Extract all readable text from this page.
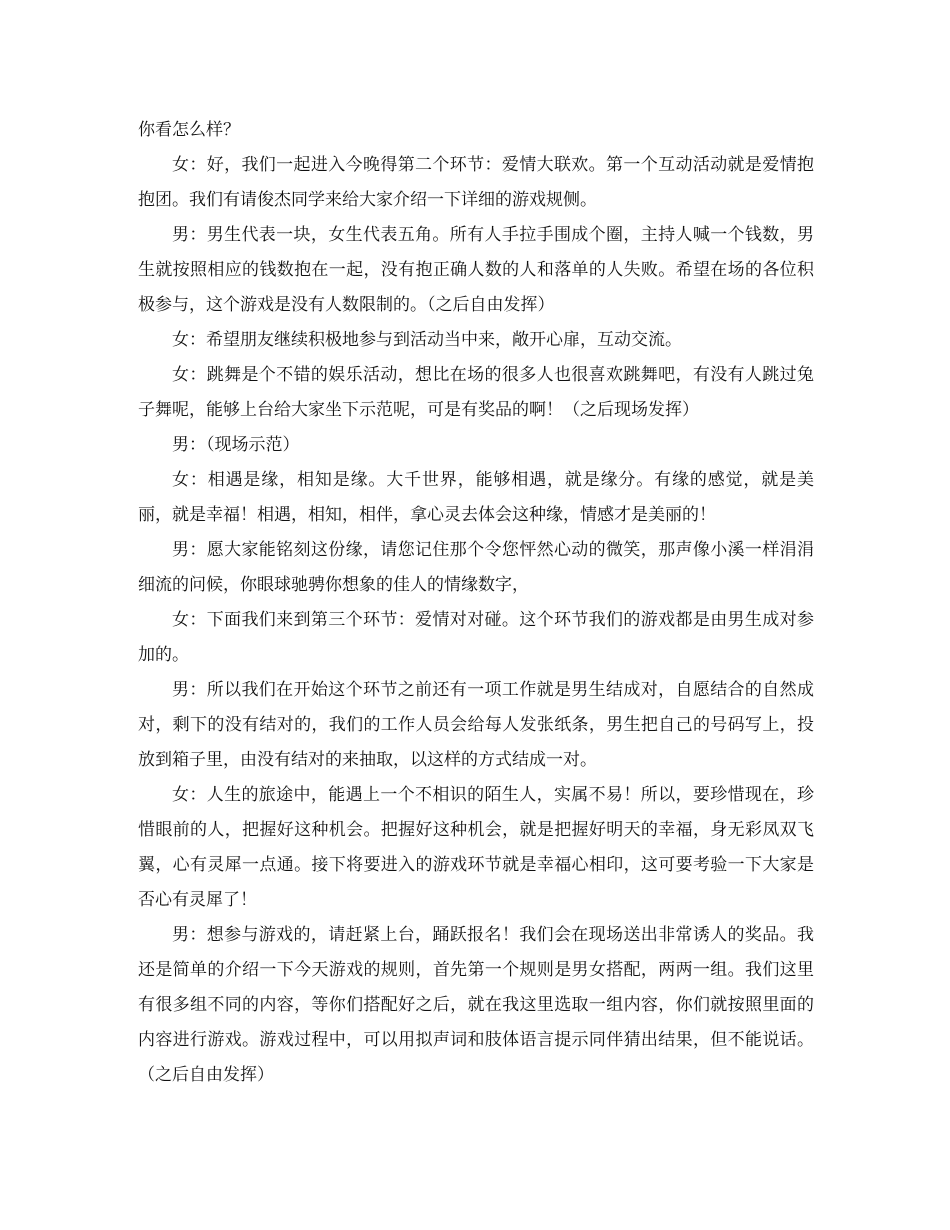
你看怎么样？

女：好，我们一起进入今晚得第二个环节：爱情大联欢。第一个互动活动就是爱情抱抱团。我们有请俊杰同学来给大家介绍一下详细的游戏规侧。

男：男生代表一块，女生代表五角。所有人手拉手围成个圈，主持人喊一个钱数，男生就按照相应的钱数抱在一起，没有抱正确人数的人和落单的人失败。希望在场的各位积极参与，这个游戏是没有人数限制的。（之后自由发挥）

女：希望朋友继续积极地参与到活动当中来，敞开心扉，互动交流。

女：跳舞是个不错的娱乐活动，想比在场的很多人也很喜欢跳舞吧，有没有人跳过兔子舞呢，能够上台给大家坐下示范呢，可是有奖品的啊！（之后现场发挥）

男：（现场示范）

女：相遇是缘，相知是缘。大千世界，能够相遇，就是缘分。有缘的感觉，就是美丽，就是幸福！相遇，相知，相伴，拿心灵去体会这种缘，情感才是美丽的！

男：愿大家能铭刻这份缘，请您记住那个令您怦然心动的微笑，那声像小溪一样涓涓细流的问候，你眼球驰骋你想象的佳人的情缘数字，

女：下面我们来到第三个环节：爱情对对碰。这个环节我们的游戏都是由男生成对参加的。

男：所以我们在开始这个环节之前还有一项工作就是男生结成对，自愿结合的自然成对，剩下的没有结对的，我们的工作人员会给每人发张纸条，男生把自己的号码写上，投放到箱子里，由没有结对的来抽取，以这样的方式结成一对。

女：人生的旅途中，能遇上一个不相识的陌生人，实属不易！所以，要珍惜现在，珍惜眼前的人，把握好这种机会。把握好这种机会，就是把握好明天的幸福，身无彩凤双飞翼，心有灵犀一点通。接下将要进入的游戏环节就是幸福心相印，这可要考验一下大家是否心有灵犀了！

男：想参与游戏的，请赶紧上台，踊跃报名！我们会在现场送出非常诱人的奖品。我还是简单的介绍一下今天游戏的规则，首先第一个规则是男女搭配，两两一组。我们这里有很多组不同的内容，等你们搭配好之后，就在我这里选取一组内容，你们就按照里面的内容进行游戏。游戏过程中，可以用拟声词和肢体语言提示同伴猜出结果，但不能说话。（之后自由发挥）
